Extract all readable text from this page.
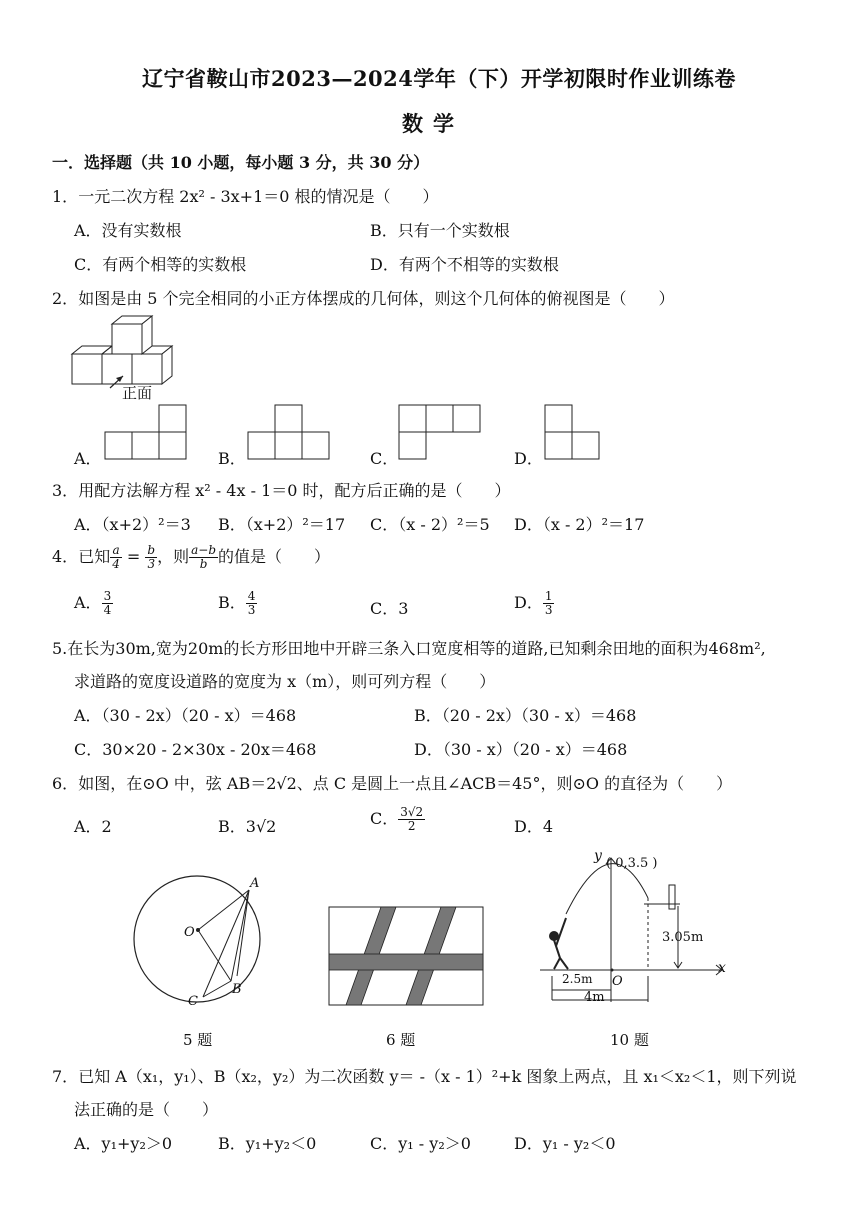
辽宁省鞍山市2023—2024学年（下）开学初限时作业训练卷
数学
一．选择题（共 10 小题，每小题 3 分，共 30 分）
1．一元二次方程 2x² - 3x+1＝0 根的情况是（　　）
A．没有实数根	B．只有一个实数根
C．有两个相等的实数根	D．有两个不相等的实数根
2．如图是由 5 个完全相同的小正方体摆成的几何体，则这个几何体的俯视图是（　　）
正面
A．	B．	C．	D．
3．用配方法解方程 x² - 4x - 1＝0 时，配方后正确的是（　　）
A．（x+2）²＝3 B．（x+2）²＝17 C．（x - 2）²＝5 D．（x - 2）²＝17
4．已知 $\frac{a}{4} = \frac{b}{3}$ ，则 $\frac{a-b}{b}$ 的值是（　　）
A． $\frac{3}{4}$	B． $\frac{4}{3}$	C．3	D． $\frac{1}{3}$
5.在长为30m,宽为20m的长方形田地中开辟三条入口宽度相等的道路,已知剩余田地的面积为468m²,
求道路的宽度设道路的宽度为 x（m），则可列方程（　　）
A．（30 - 2x）（20 - x）＝468	B．（20 - 2x）（30 - x）＝468
C．30×20 - 2×30x - 20x＝468	D．（30 - x）（20 - x）＝468
6．如图，在⊙O 中，弦 AB＝2√2、点 C 是圆上一点且∠ACB＝45°，则⊙O 的直径为（　　）
A．2	B．3√2	C． $\frac{3√2}{2}$	D．4
A
O
B
C
y ( 0,3.5 )
3.05m
x
2.5m O
4m
5 题	6 题	10 题
7．已知 A（x₁，y₁）、B（x₂，y₂）为二次函数 y＝ -（x - 1）²+k 图象上两点，且 x₁＜x₂＜1，则下列说
法正确的是（　　）
A．y₁+y₂＞0	B．y₁+y₂＜0	C．y₁ - y₂＞0	D．y₁ - y₂＜0
